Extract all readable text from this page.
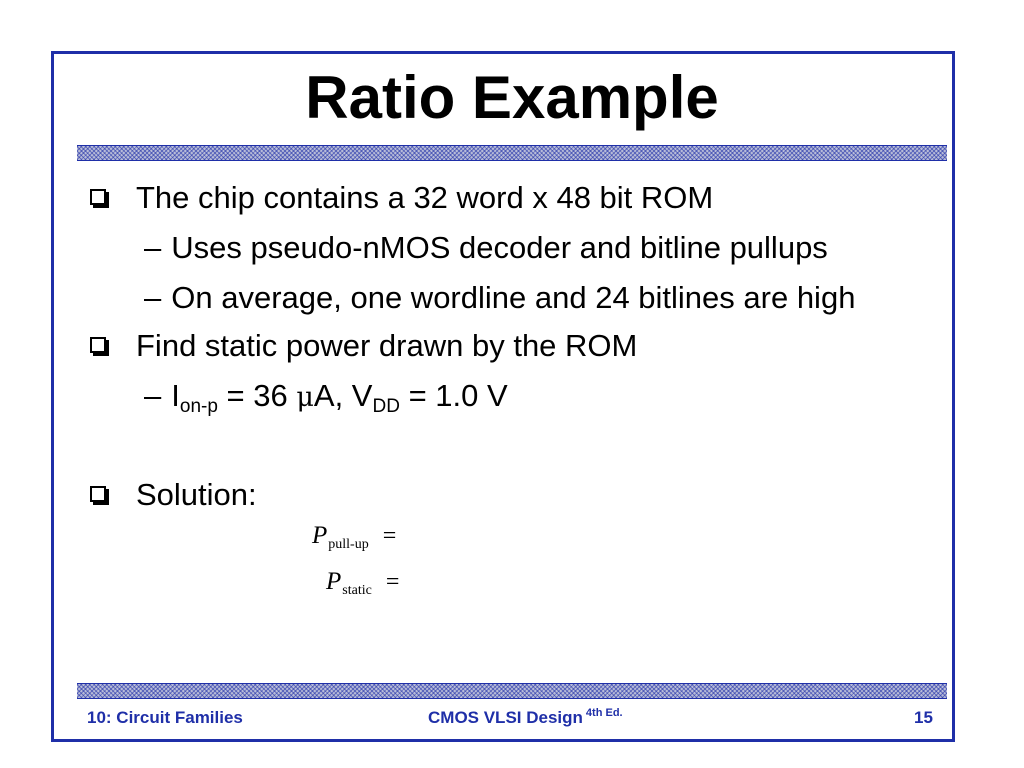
Ratio Example
The chip contains a 32 word x 48 bit ROM
– Uses pseudo-nMOS decoder and bitline pullups
– On average, one wordline and 24 bitlines are high
Find static power drawn by the ROM
– $I_{on-p} = 36$ μA, $V_{DD} = 1.0$ V
Solution:
$P_{pull-up}$ =
$P_{static}$ =
10: Circuit Families	CMOS VLSI Design $^{4th Ed.}$	15
